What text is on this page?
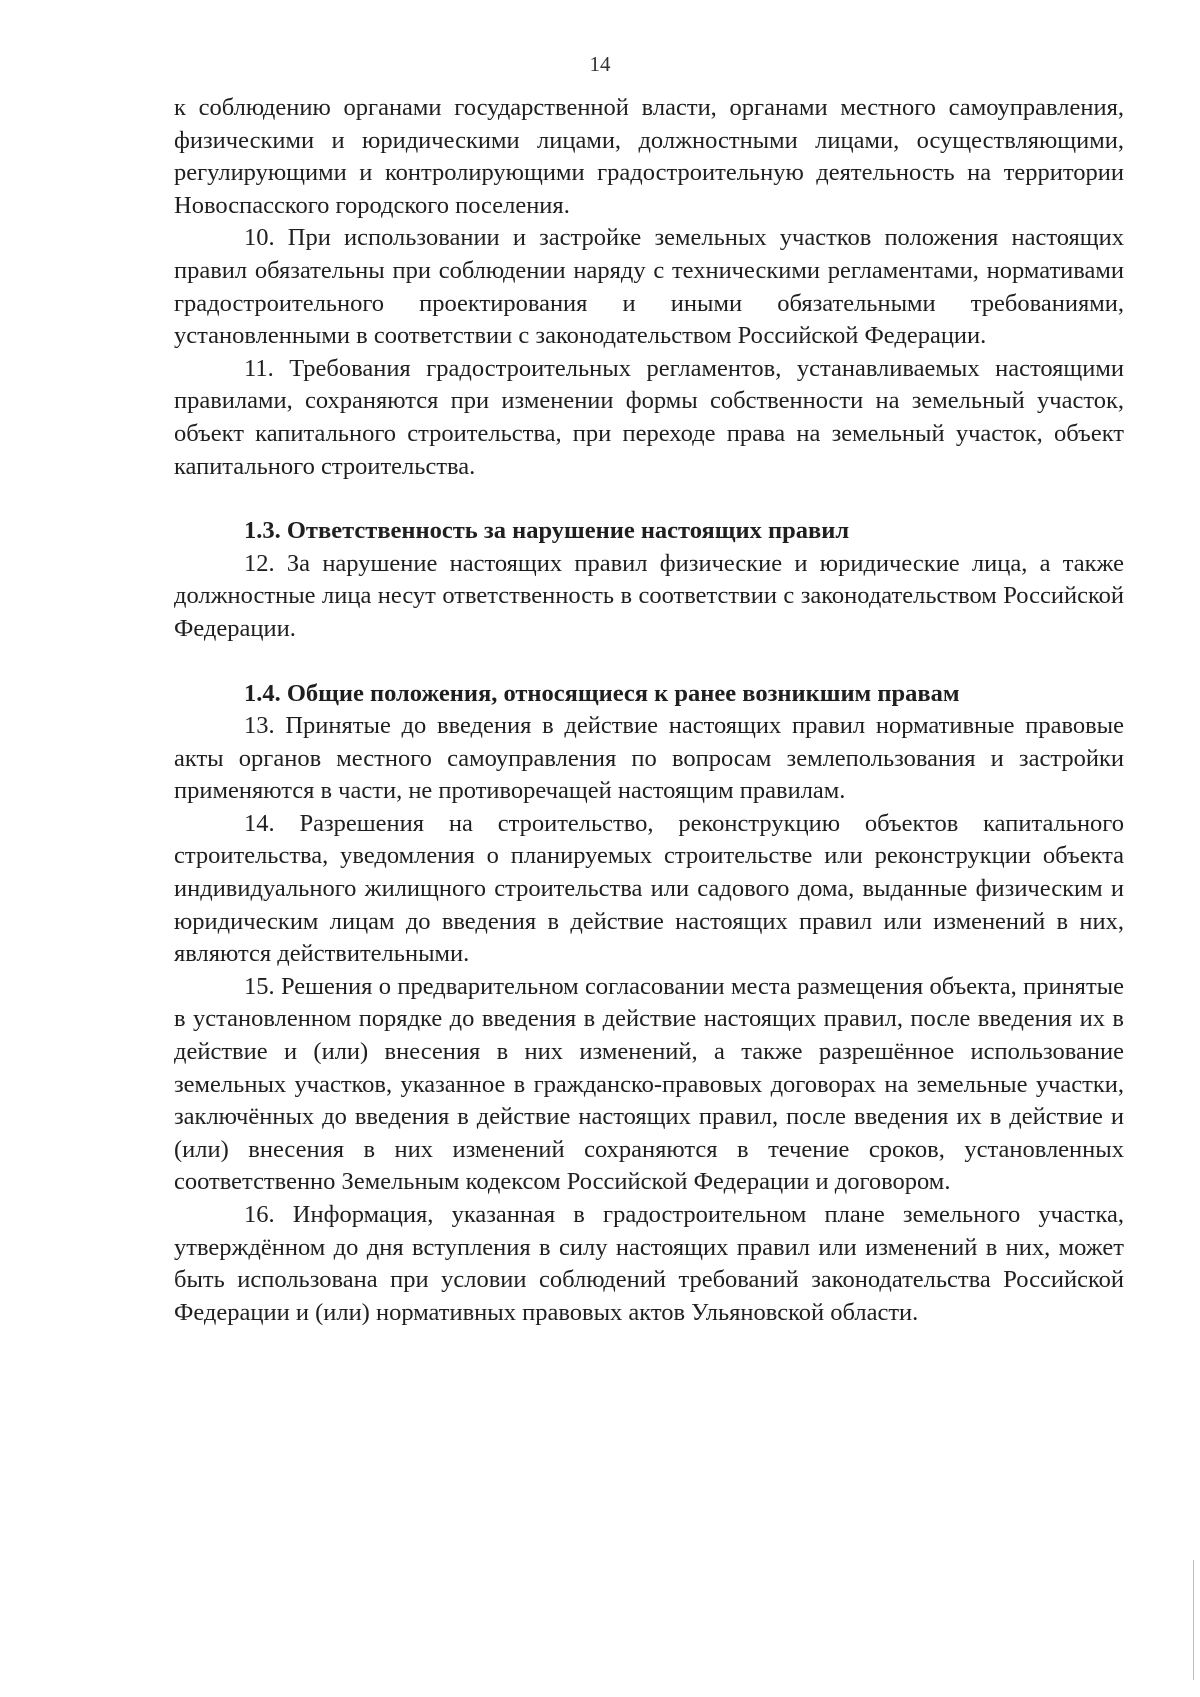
14

к соблюдению органами государственной власти, органами местного самоуправления, физическими и юридическими лицами, должностными лицами, осуществляющими, регулирующими и контролирующими градостроительную деятельность на территории Новоспасского городского поселения.

10. При использовании и застройке земельных участков положения настоящих правил обязательны при соблюдении наряду с техническими регламентами, нормативами градостроительного проектирования и иными обязательными требованиями, установленными в соответствии с законодательством Российской Федерации.

11. Требования градостроительных регламентов, устанавливаемых настоящими правилами, сохраняются при изменении формы собственности на земельный участок, объект капитального строительства, при переходе права на земельный участок, объект капитального строительства.

1.3. Ответственность за нарушение настоящих правил

12. За нарушение настоящих правил физические и юридические лица, а также должностные лица несут ответственность в соответствии с законодательством Российской Федерации.

1.4. Общие положения, относящиеся к ранее возникшим правам

13. Принятые до введения в действие настоящих правил нормативные правовые акты органов местного самоуправления по вопросам землепользования и застройки применяются в части, не противоречащей настоящим правилам.

14. Разрешения на строительство, реконструкцию объектов капитального строительства, уведомления о планируемых строительстве или реконструкции объекта индивидуального жилищного строительства или садового дома, выданные физическим и юридическим лицам до введения в действие настоящих правил или изменений в них, являются действительными.

15. Решения о предварительном согласовании места размещения объекта, принятые в установленном порядке до введения в действие настоящих правил, после введения их в действие и (или) внесения в них изменений, а также разрешённое использование земельных участков, указанное в гражданско-правовых договорах на земельные участки, заключённых до введения в действие настоящих правил, после введения их в действие и (или) внесения в них изменений сохраняются в течение сроков, установленных соответственно Земельным кодексом Российской Федерации и договором.

16. Информация, указанная в градостроительном плане земельного участка, утверждённом до дня вступления в силу настоящих правил или изменений в них, может быть использована при условии соблюдений требований законодательства Российской Федерации и (или) нормативных правовых актов Ульяновской области.
